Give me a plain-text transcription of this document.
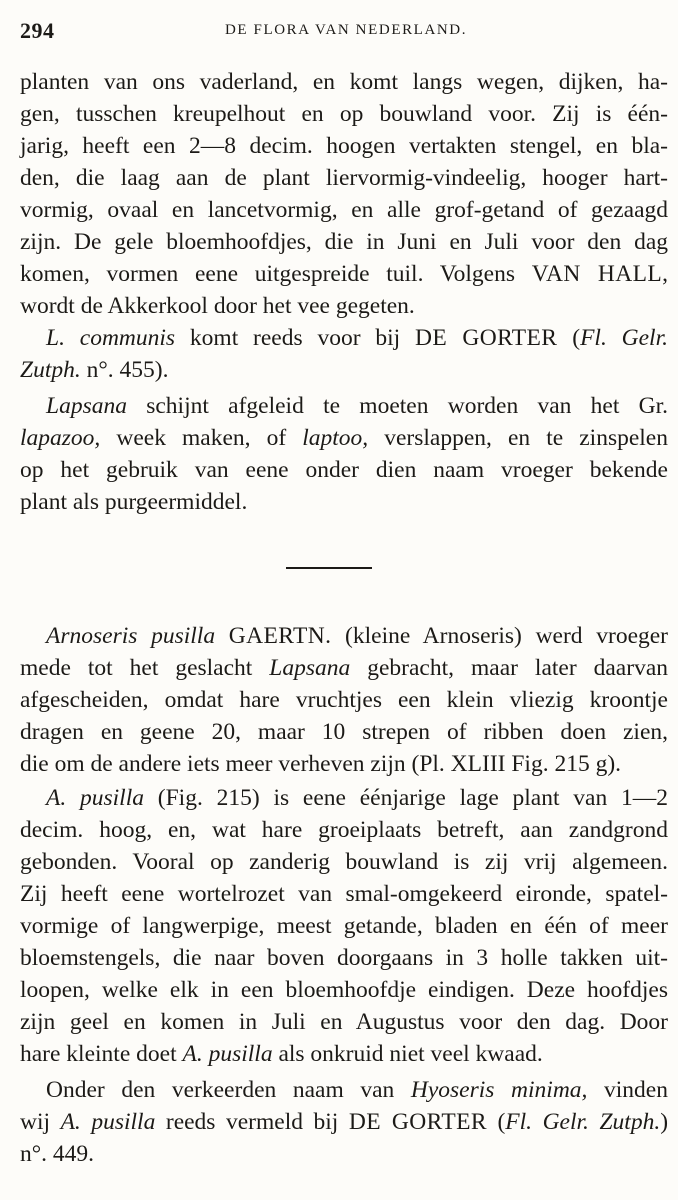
294	DE FLORA VAN NEDERLAND.
planten van ons vaderland, en komt langs wegen, dijken, ha-
gen, tusschen kreupelhout en op bouwland voor. Zij is één-
jarig, heeft een 2—8 decim. hoogen vertakten stengel, en bla-
den, die laag aan de plant liervormig-vindeelig, hooger hart-
vormig, ovaal en lancetvormig, en alle grof-getand of gezaagd
zijn. De gele bloemhoofdjes, die in Juni en Juli voor den dag
komen, vormen eene uitgespreide tuil. Volgens VAN HALL,
wordt de Akkerkool door het vee gegeten.
L. communis komt reeds voor bij DE GORTER (Fl. Gelr.
Zutph. n°. 455).
Lapsana schijnt afgeleid te moeten worden van het Gr.
lapazoo, week maken, of laptoo, verslappen, en te zinspelen
op het gebruik van eene onder dien naam vroeger bekende
plant als purgeermiddel.
Arnoseris pusilla GAERTN. (kleine Arnoseris) werd vroeger
mede tot het geslacht Lapsana gebracht, maar later daarvan
afgescheiden, omdat hare vruchtjes een klein vliezig kroontje
dragen en geene 20, maar 10 strepen of ribben doen zien,
die om de andere iets meer verheven zijn (Pl. XLIII Fig. 215 g).
A. pusilla (Fig. 215) is eene éénjarige lage plant van 1—2
decim. hoog, en, wat hare groeiplaats betreft, aan zandgrond
gebonden. Vooral op zanderig bouwland is zij vrij algemeen.
Zij heeft eene wortelrozet van smal-omgekeerd eironde, spatel-
vormige of langwerpige, meest getande, bladen en één of meer
bloemstengels, die naar boven doorgaans in 3 holle takken uit-
loopen, welke elk in een bloemhoofdje eindigen. Deze hoofdjes
zijn geel en komen in Juli en Augustus voor den dag. Door
hare kleinte doet A. pusilla als onkruid niet veel kwaad.
Onder den verkeerden naam van Hyoseris minima, vinden
wij A. pusilla reeds vermeld bij DE GORTER (Fl. Gelr. Zutph.)
n°. 449.
